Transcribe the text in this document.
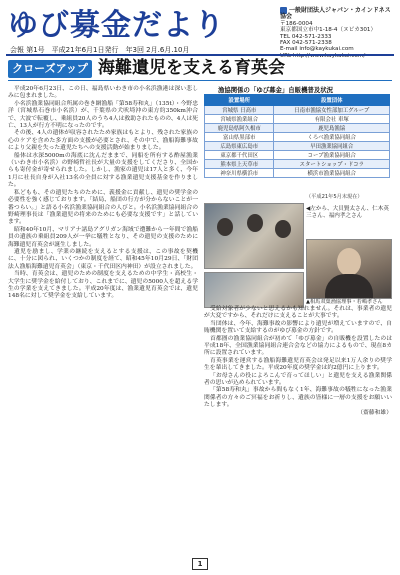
ゆび募金だより
会報 第1号　平成21年6月1日発行　年3回 2月.6月.10月
一般財団法人ジャパン・カインドネス協会
〒186-0004
東京都国立市中1-18-4（ヌビカ301）
TEL 042-571-2333
FAX 042-571-2338
E-mail info@kaykukai.com
クローズアップ 海難遺児を支える育英会

平成20年6月23日、この日、福島県いわき市の小名浜漁港は深い悲しみに包まれました。

小名浜漁業協同組合所属の巻き網漁船「第58寿和丸」（135t）・今野忠洋（宮城県石巻市小名浜）が、千葉県の犬吠埼沖の東方約350km沖合で、大波で転覆し、乗組員20人のうち4人は救助されたものの、4人は死亡、13人が行方不明になったのです。

その後、4人の遺体が収容されたため家族はもとより、残された家族の心のケアを含めた多方面の支援が必要とされ、その中で、漁船海難事故により父親を失った遺児たちへの支援活動が始まりました。

船体は水深5000mの海底に沈んだままで、同船を所有する酢屋漁業（いわき市小名浜）の野崎哲社長が大量の支援をしてくださり、全国からも寄付金が寄せられました。しかし、漁家の遺児は17人と多く、今年1月に社長自身が入社13名の全員に対する漁業遺児支援基金を作りました。

私どもも、その遺児たちのために、義援金に貢献し、遺児の奨学金の必要性を強く感じております。「結局、船団の行方が分からないことが一番つらい。」と語る小名浜漁業協同組合の人びと。小名浜漁業協同組合の野崎理事長は「漁業遺児の将来のためにも必要な支援です」と話しています。

昭和40年10月、マリアナ諸島アグリガン海域で遭難から一年間で漁船員の遺族の乗組員209人が一挙に犠牲となり、その遺児の支援のために海難遺児育英会が誕生しました。

遺児を励まし、学業の継続を支えるとする支援は、この事故を契機に、十分に図られ、いくつかの制度を経て、昭和45年10月29日、「財団法人漁船海難遺児育英会」（東京・千代田区内神田）が設立されました。

当時、育英会は、遺児のための制度を支えるための中学生・高校生・大学生に奨学金を給付しており、これまでに、遺児の5000人を超える学生の学業を支えてきました。平成20年度は、漁業遺児育英会では、遺児148名に対して奨学金を支給しています。

漁協関係の「ゆび募金」自販機普及状況
設置場所	設置団体
宮城県 日高市	日南市漁協女性部加工グループ
宮城県漁業組合	有限会社 車塚
鹿児島県阿久根市	鹿児島漁協
富山県黒部市	くろべ漁業協同組合
広島県東広島市	早田漁業協同組合
東京都千代田区	コープ漁業協同組合
熊本県上天草市	スタートショップ・ドコラ
神奈川県横浜市	横浜市漁業協同組合
（平成21年5月末現在）
◀左から、大貝賢太さん、仁木英三さん、福内孝之さん
▲相馬双葉漁協理事・若嶋孝さん

受給対象者が少ないと思えるかも知れません。それは、事業者の遺児が大変ですから、それだけに支えることが大事です。

当団体は、今年、海難事故の影響により遺児が増えていますので、自賄機関を置いて支給するのがゆび募金の方針です。

首都圏の漁業協同組合が初めて「ゆび募金」の自販機を設置したのは平成18年、全国漁業協同組合連合会などの協力によるもので、現在8カ所に設置されています。

育英事業を運営する漁船海難遺児育英会は発足以来1万人余りの奨学生を輩出してきました。平成20年度の奨学金は約2億円に上ります。

「お母さんの役によろこんで育ってほしい」と遺児を支える漁業関係者の思いが込められています。

「第58寿和丸」事故から間もなく1年、海難事故の犠牲になった漁業関係者の方々のご冥福をお祈りし、遺族の皆様に一層の支援をお願いいたします。

（齋藤和雄）
1
